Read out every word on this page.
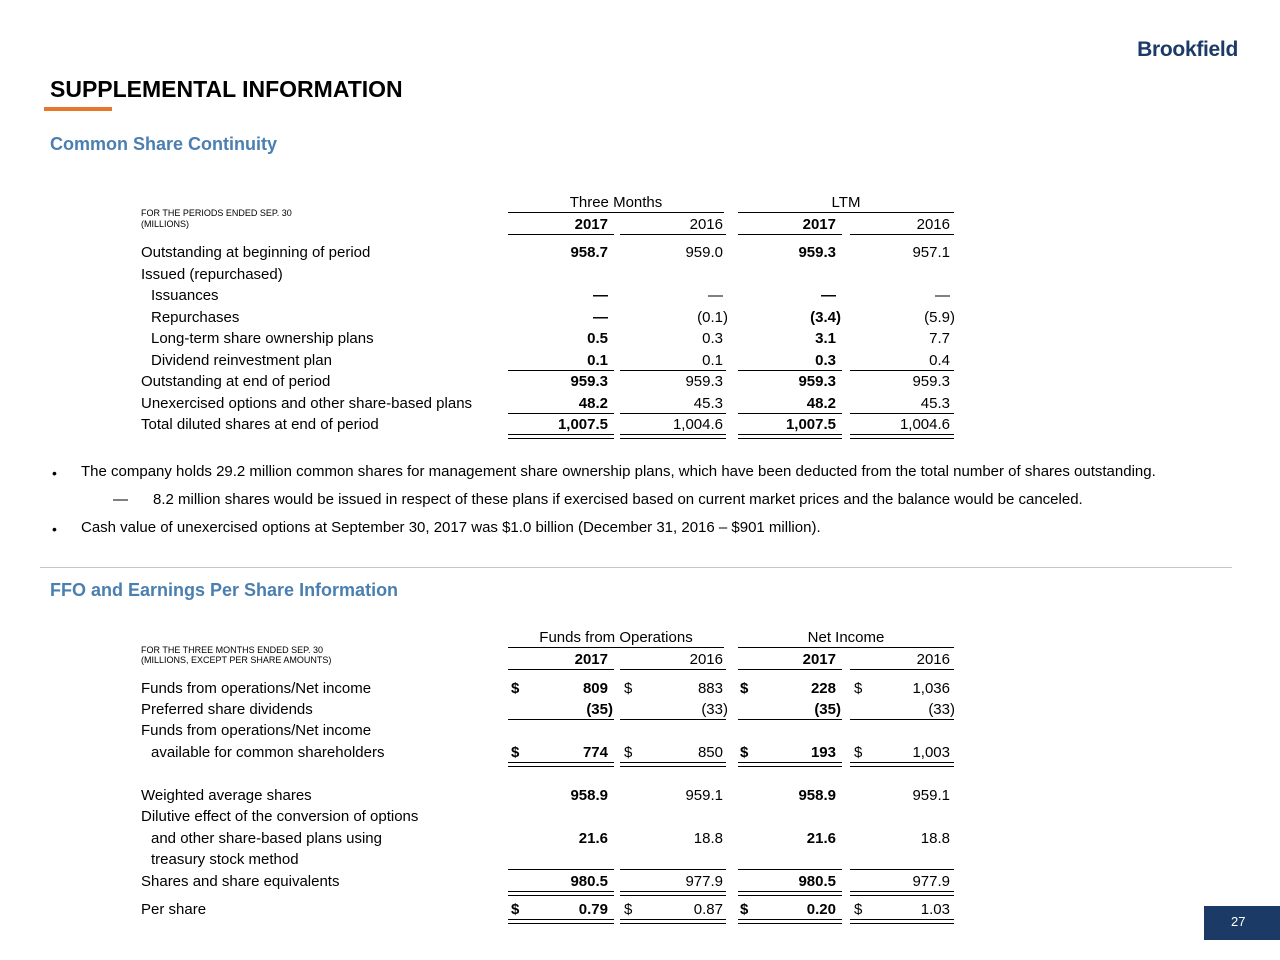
Brookfield
SUPPLEMENTAL INFORMATION
Common Share Continuity
FOR THE PERIODS ENDED SEP. 30
(MILLIONS)
Three Months	LTM
2017	2016	2017	2016
Outstanding at beginning of period	958.7	959.0	959.3	957.1
Issued (repurchased)
Issuances	—	—	—	—
Repurchases	—	(0.1)	(3.4)	(5.9)
Long-term share ownership plans	0.5	0.3	3.1	7.7
Dividend reinvestment plan	0.1	0.1	0.3	0.4
Outstanding at end of period	959.3	959.3	959.3	959.3
Unexercised options and other share-based plans	48.2	45.3	48.2	45.3
Total diluted shares at end of period	1,007.5	1,004.6	1,007.5	1,004.6
• The company holds 29.2 million common shares for management share ownership plans, which have been deducted from the total number of shares outstanding.
— 8.2 million shares would be issued in respect of these plans if exercised based on current market prices and the balance would be canceled.
• Cash value of unexercised options at September 30, 2017 was $1.0 billion (December 31, 2016 – $901 million).
FFO and Earnings Per Share Information
FOR THE THREE MONTHS ENDED SEP. 30
(MILLIONS, EXCEPT PER SHARE AMOUNTS)
Funds from Operations	Net Income
2017	2016	2017	2016
Funds from operations/Net income	$	809 $	883 $	228 $	1,036
Preferred share dividends	(35)	(33)	(35)	(33)
Funds from operations/Net income
available for common shareholders	$	774 $	850 $	193 $	1,003
Weighted average shares	958.9	959.1	958.9	959.1
Dilutive effect of the conversion of options
and other share-based plans using	21.6	18.8	21.6	18.8
treasury stock method
Shares and share equivalents	980.5	977.9	980.5	977.9
Per share	$	0.79 $	0.87 $	0.20 $	1.03
27
